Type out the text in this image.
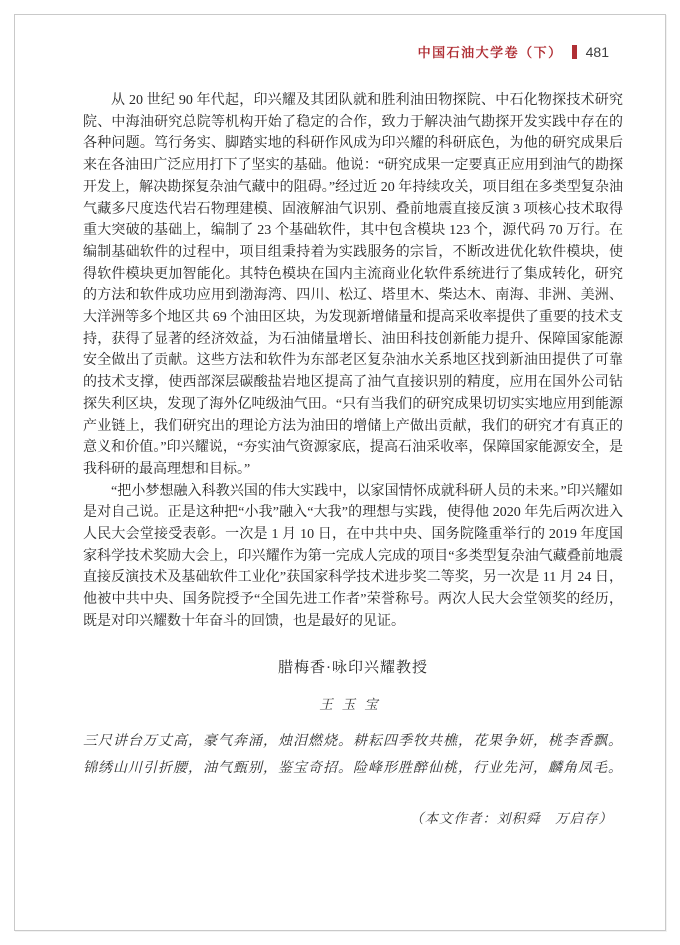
中国石油大学卷（下） 481

从 20 世纪 90 年代起，印兴耀及其团队就和胜利油田物探院、中石化物探技术研究院、中海油研究总院等机构开始了稳定的合作，致力于解决油气勘探开发实践中存在的各种问题。笃行务实、脚踏实地的科研作风成为印兴耀的科研底色，为他的研究成果后来在各油田广泛应用打下了坚实的基础。他说：“研究成果一定要真正应用到油气的勘探开发上，解决勘探复杂油气藏中的阻碍。”经过近 20 年持续攻关，项目组在多类型复杂油气藏多尺度迭代岩石物理建模、固液解油气识别、叠前地震直接反演 3 项核心技术取得重大突破的基础上，编制了 23 个基础软件，其中包含模块 123 个，源代码 70 万行。在编制基础软件的过程中，项目组秉持着为实践服务的宗旨，不断改进优化软件模块，使得软件模块更加智能化。其特色模块在国内主流商业化软件系统进行了集成转化，研究的方法和软件成功应用到渤海湾、四川、松辽、塔里木、柴达木、南海、非洲、美洲、大洋洲等多个地区共 69 个油田区块，为发现新增储量和提高采收率提供了重要的技术支持，获得了显著的经济效益，为石油储量增长、油田科技创新能力提升、保障国家能源安全做出了贡献。这些方法和软件为东部老区复杂油水关系地区找到新油田提供了可靠的技术支撑，使西部深层碳酸盐岩地区提高了油气直接识别的精度，应用在国外公司钻探失利区块，发现了海外亿吨级油气田。“只有当我们的研究成果切切实实地应用到能源产业链上，我们研究出的理论方法为油田的增储上产做出贡献，我们的研究才有真正的意义和价值。”印兴耀说，“夯实油气资源家底，提高石油采收率，保障国家能源安全，是我科研的最高理想和目标。”

“把小梦想融入科教兴国的伟大实践中，以家国情怀成就科研人员的未来。”印兴耀如是对自己说。正是这种把“小我”融入“大我”的理想与实践，使得他 2020 年先后两次进入人民大会堂接受表彰。一次是 1 月 10 日，在中共中央、国务院隆重举行的 2019 年度国家科学技术奖励大会上，印兴耀作为第一完成人完成的项目“多类型复杂油气藏叠前地震直接反演技术及基础软件工业化”获国家科学技术进步奖二等奖，另一次是 11 月 24 日，他被中共中央、国务院授予“全国先进工作者”荣誉称号。两次人民大会堂领奖的经历，既是对印兴耀数十年奋斗的回馈，也是最好的见证。

腊梅香·咏印兴耀教授
王玉宝
三尺讲台万丈高，豪气奔涌，烛泪燃烧。耕耘四季牧共樵，花果争妍，桃李香飘。
锦绣山川引折腰，油气甄别，鉴宝奇招。险峰形胜醉仙桃，行业先河，麟角凤毛。
（本文作者：刘积舜　万启存）
